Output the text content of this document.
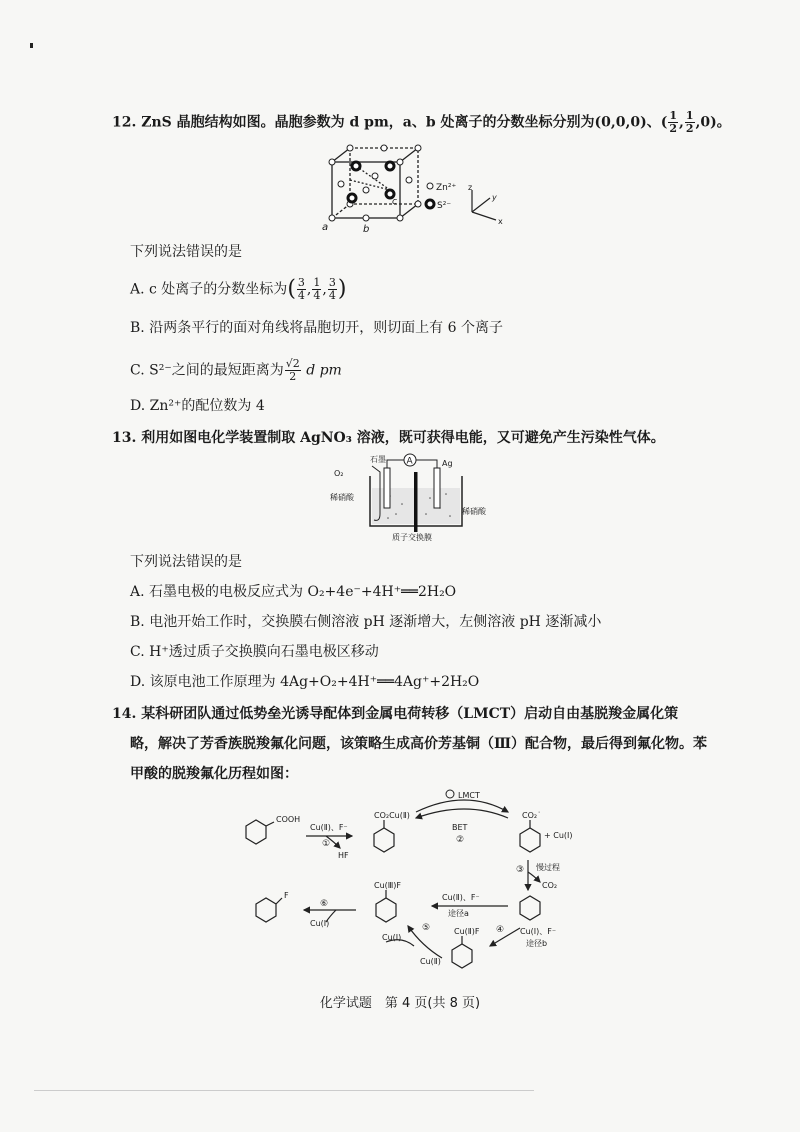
12. ZnS 晶胞结构如图。晶胞参数为 d pm，a、b 处离子的分数坐标分别为(0,0,0)、( $\frac{1}{2}$ , $\frac{1}{2} ,0$)。
a	b
c
Zn²⁺
S²⁻
z
y
x
下列说法错误的是
A. c 处离子的分数坐标为( $\frac{3}{4}$ , $\frac{1}{4}$ , $\frac{3}{4}$ )
B. 沿两条平行的面对角线将晶胞切开，则切面上有 6 个离子
C. S²⁻之间的最短距离为 $\frac{√2}{2}$ d pm
D. Zn²⁺的配位数为 4
13. 利用如图电化学装置制取 AgNO₃ 溶液，既可获得电能，又可避免产生污染性气体。
A
O₂
石墨	Ag
稀硝酸
稀硝酸
质子交换膜
下列说法错误的是
A. 石墨电极的电极反应式为 O₂+4e⁻+4H⁺══2H₂O
B. 电池开始工作时，交换膜右侧溶液 pH 逐渐增大，左侧溶液 pH 逐渐减小
C. H⁺透过质子交换膜向石墨电极区移动
D. 该原电池工作原理为 4Ag+O₂+4H⁺══4Ag⁺+2H₂O
14. 某科研团队通过低势垒光诱导配体到金属电荷转移（LMCT）启动自由基脱羧金属化策
略，解决了芳香族脱羧氟化问题，该策略生成高价芳基铜（Ⅲ）配合物，最后得到氟化物。苯
甲酸的脱羧氟化历程如图：
COOH
Cu(Ⅱ)、F⁻
①
HF
CO₂Cu(Ⅱ)
LMCT
BET
②
CO₂˙
+ Cu(Ⅰ)
③ 慢过程
CO₂
Cu(Ⅱ)、F⁻
途径a
Cu(Ⅲ)F
⑥
Cu(Ⅰ)
F
④ Cu(Ⅰ)、F⁻
途径b
Cu(Ⅱ)F
⑤
Cu(Ⅰ)
Cu(Ⅱ)
化学试题　第 4 页(共 8 页)
